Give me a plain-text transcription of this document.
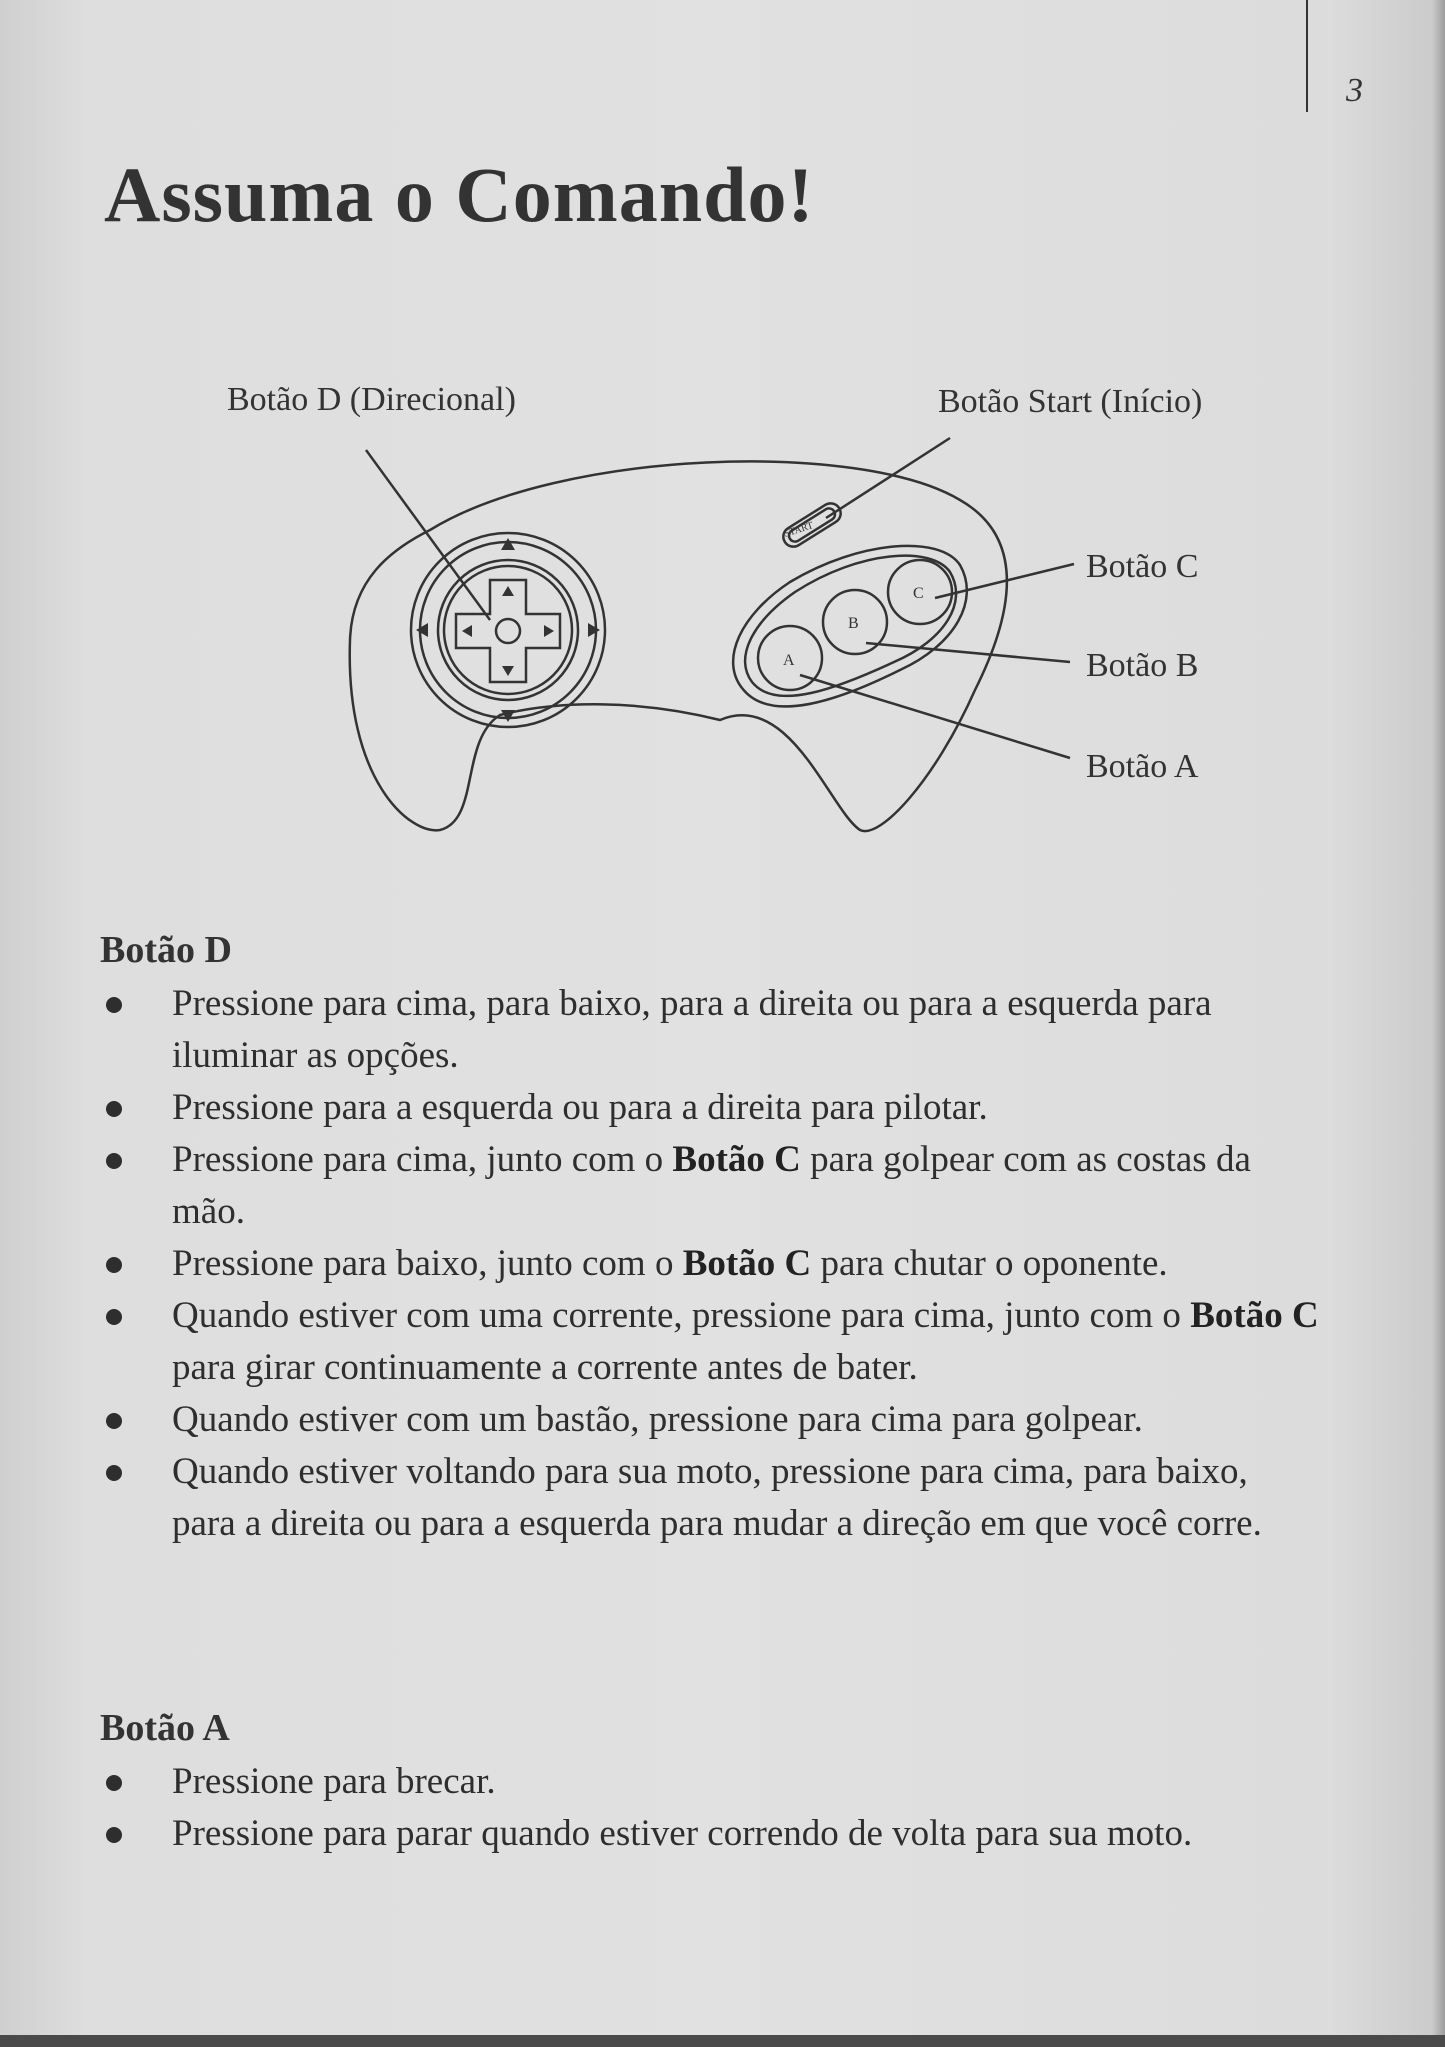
3
Assuma o Comando!
START
A
B
C
Botão D (Direcional)	Botão Start (Início)
Botão C
Botão B
Botão A
Botão D
Pressione para cima, para baixo, para a direita ou para a esquerda para iluminar as opções.
Pressione para a esquerda ou para a direita para pilotar.
Pressione para cima, junto com o Botão C para golpear com as costas da mão.
Pressione para baixo, junto com o Botão C para chutar o oponente.
Quando estiver com uma corrente, pressione para cima, junto com o Botão C para girar continuamente a corrente antes de bater.
Quando estiver com um bastão, pressione para cima para golpear.
Quando estiver voltando para sua moto, pressione para cima, para baixo, para a direita ou para a esquerda para mudar a direção em que você corre.
Botão A
Pressione para brecar.
Pressione para parar quando estiver correndo de volta para sua moto.
